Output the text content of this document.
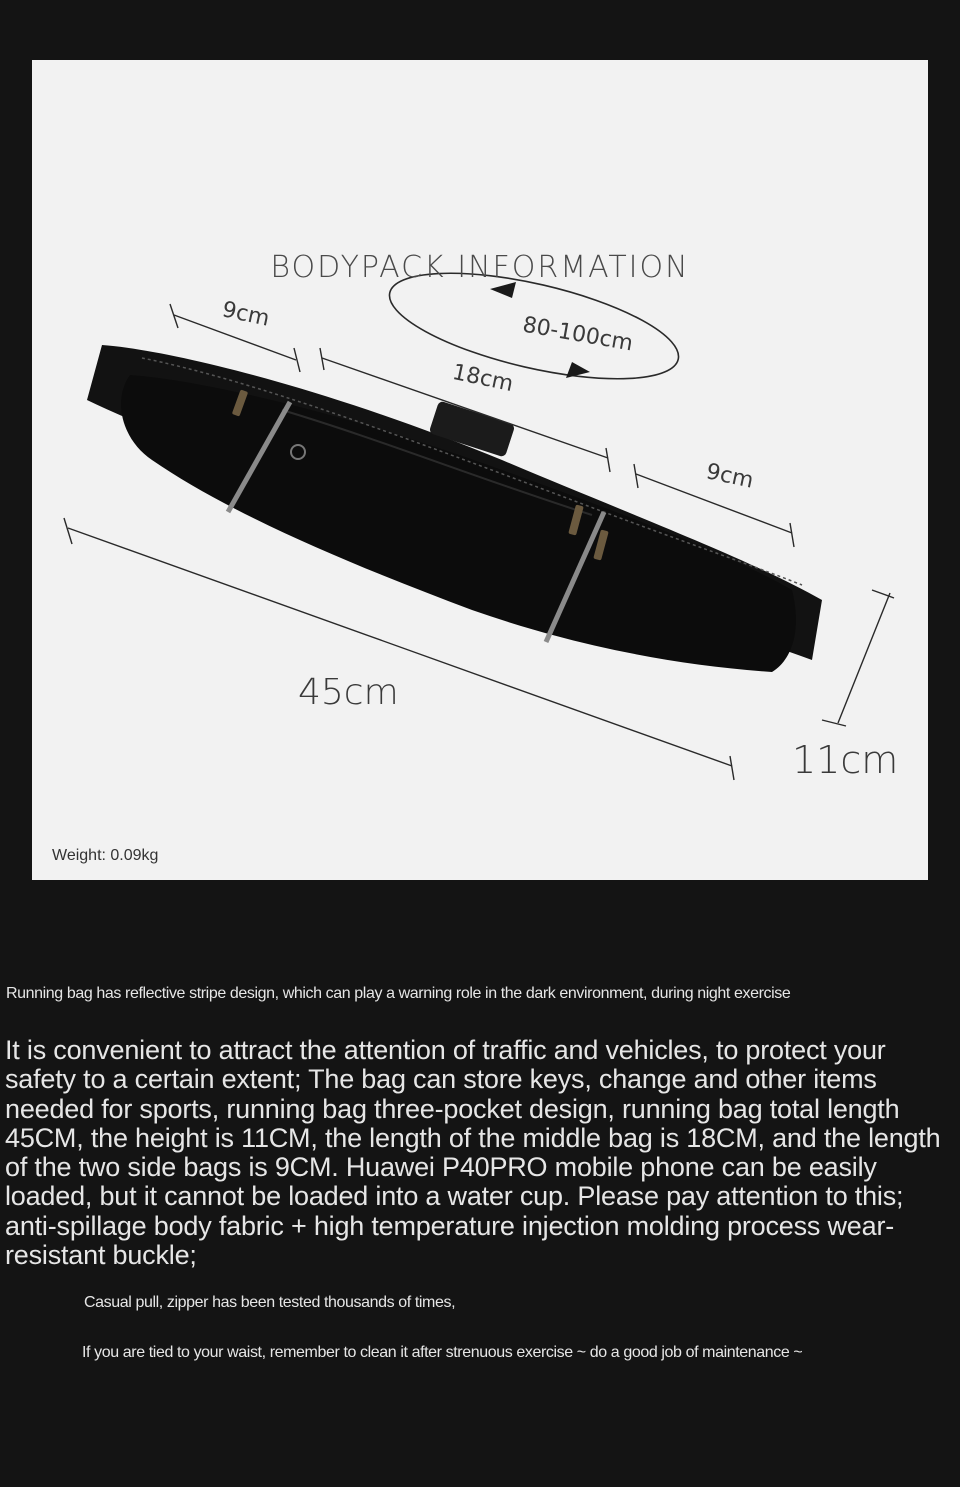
BODYPACK INFORMATION
9cm
18cm
9cm
80-100cm
45cm
11cm
Weight: 0.09kg

Running bag has reflective stripe design, which can play a warning role in the dark environment, during night exercise

It is convenient to attract the attention of traffic and vehicles, to protect your safety to a certain extent; The bag can store keys, change and other items needed for sports, running bag three-pocket design, running bag total length 45CM, the height is 11CM, the length of the middle bag is 18CM, and the length of the two side bags is 9CM. Huawei P40PRO mobile phone can be easily loaded, but it cannot be loaded into a water cup. Please pay attention to this; anti-spillage body fabric + high temperature injection molding process wear-resistant buckle;

Casual pull, zipper has been tested thousands of times,

If you are tied to your waist, remember to clean it after strenuous exercise ~ do a good job of maintenance ~
